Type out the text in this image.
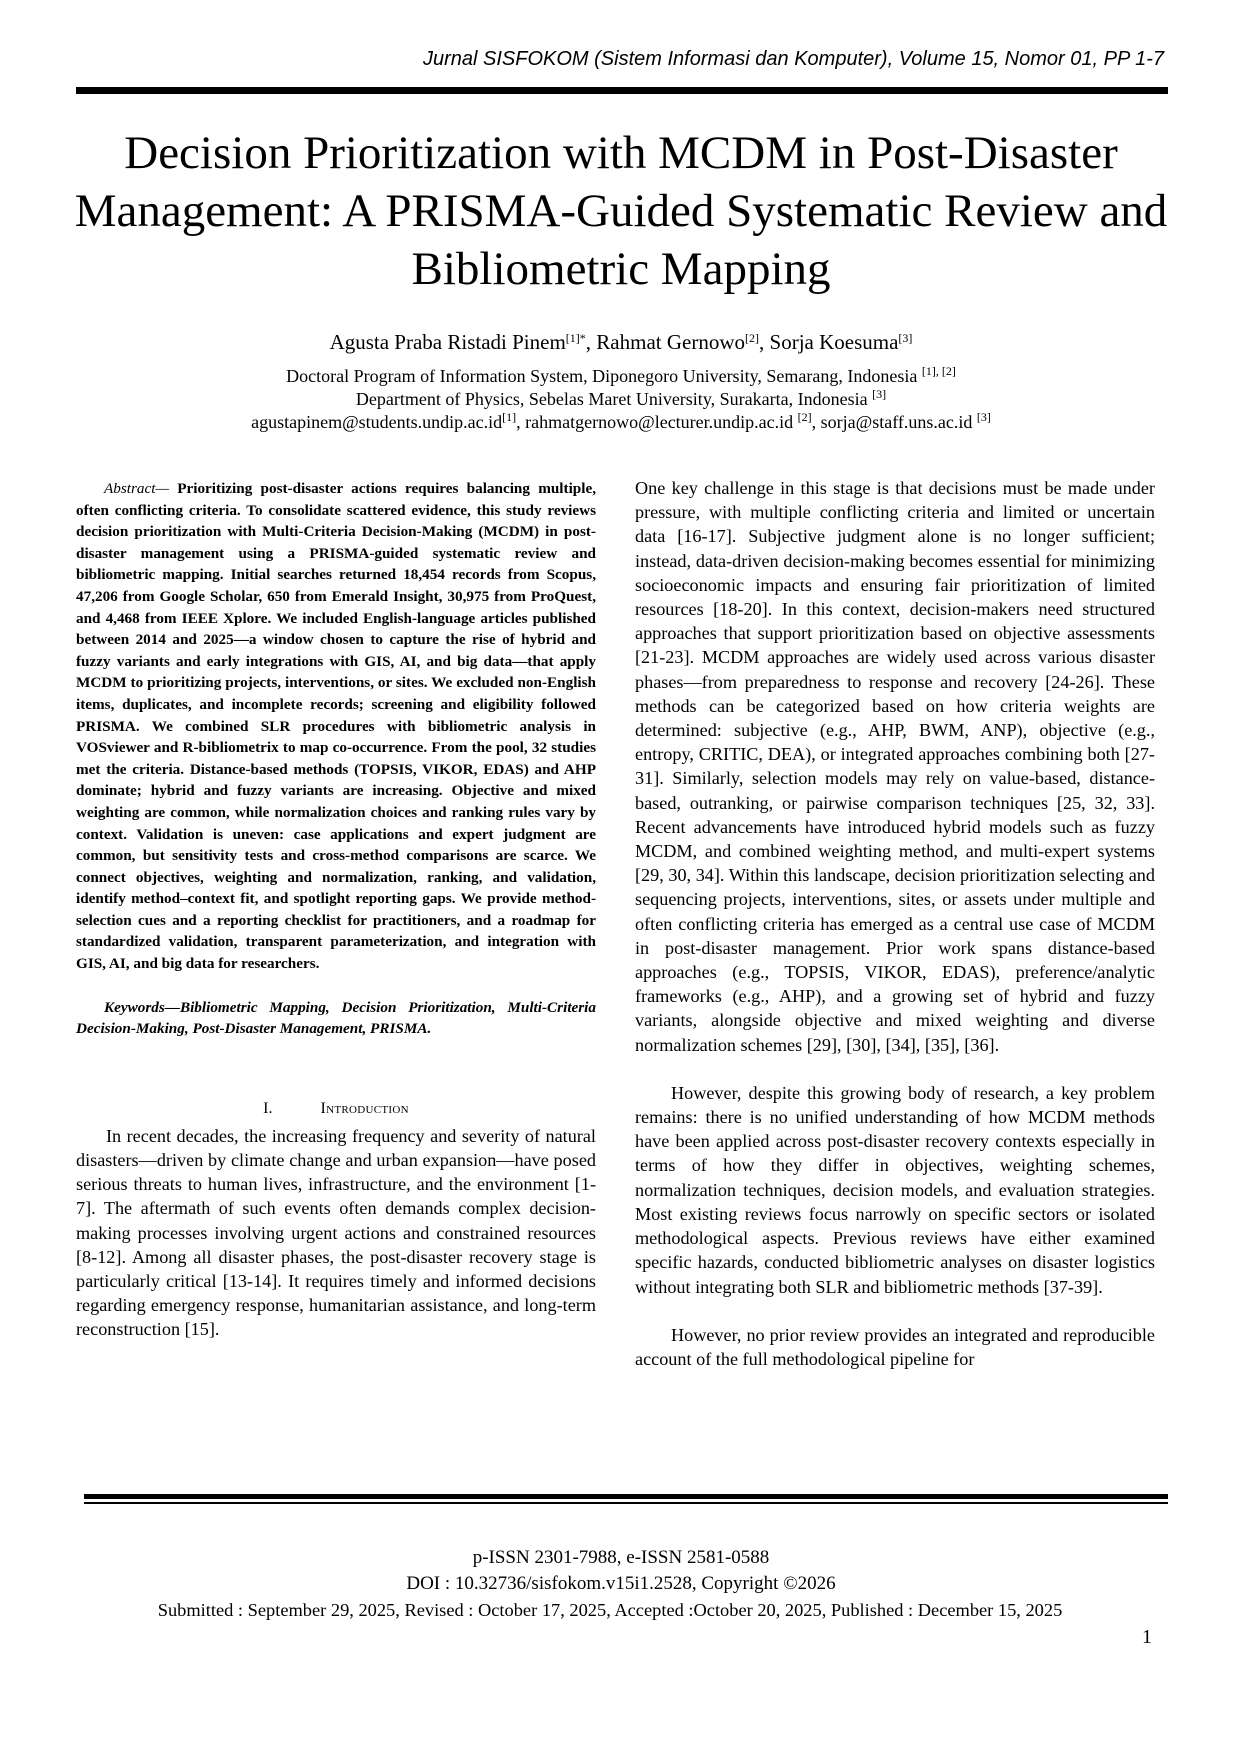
Jurnal SISFOKOM (Sistem Informasi dan Komputer), Volume 15, Nomor 01, PP 1-7
Decision Prioritization with MCDM in Post-Disaster Management: A PRISMA-Guided Systematic Review and Bibliometric Mapping
Agusta Praba Ristadi Pinem$^{[1]*}$, Rahmat Gernowo[2], Sorja Koesuma[3]
Doctoral Program of Information System, Diponegoro University, Semarang, Indonesia [1], [2]
Department of Physics, Sebelas Maret University, Surakarta, Indonesia [3]
agustapinem@students.undip.ac.id[1], rahmatgernowo@lecturer.undip.ac.id [2], sorja@staff.uns.ac.id [3]

Abstract— Prioritizing post-disaster actions requires balancing multiple, often conflicting criteria. To consolidate scattered evidence, this study reviews decision prioritization with Multi-Criteria Decision-Making (MCDM) in post-disaster management using a PRISMA-guided systematic review and bibliometric mapping. Initial searches returned 18,454 records from Scopus, 47,206 from Google Scholar, 650 from Emerald Insight, 30,975 from ProQuest, and 4,468 from IEEE Xplore. We included English-language articles published between 2014 and 2025—a window chosen to capture the rise of hybrid and fuzzy variants and early integrations with GIS, AI, and big data—that apply MCDM to prioritizing projects, interventions, or sites. We excluded non-English items, duplicates, and incomplete records; screening and eligibility followed PRISMA. We combined SLR procedures with bibliometric analysis in VOSviewer and R-bibliometrix to map co-occurrence. From the pool, 32 studies met the criteria. Distance-based methods (TOPSIS, VIKOR, EDAS) and AHP dominate; hybrid and fuzzy variants are increasing. Objective and mixed weighting are common, while normalization choices and ranking rules vary by context. Validation is uneven: case applications and expert judgment are common, but sensitivity tests and cross-method comparisons are scarce. We connect objectives, weighting and normalization, ranking, and validation, identify method–context fit, and spotlight reporting gaps. We provide method-selection cues and a reporting checklist for practitioners, and a roadmap for standardized validation, transparent parameterization, and integration with GIS, AI, and big data for researchers.

Keywords—Bibliometric Mapping, Decision Prioritization, Multi-Criteria Decision-Making, Post-Disaster Management, PRISMA.

I.	Introduction

In recent decades, the increasing frequency and severity of natural disasters—driven by climate change and urban expansion—have posed serious threats to human lives, infrastructure, and the environment [1-7]. The aftermath of such events often demands complex decision-making processes involving urgent actions and constrained resources [8-12]. Among all disaster phases, the post-disaster recovery stage is particularly critical [13-14]. It requires timely and informed decisions regarding emergency response, humanitarian assistance, and long-term reconstruction [15].

One key challenge in this stage is that decisions must be made under pressure, with multiple conflicting criteria and limited or uncertain data [16-17]. Subjective judgment alone is no longer sufficient; instead, data-driven decision-making becomes essential for minimizing socioeconomic impacts and ensuring fair prioritization of limited resources [18-20]. In this context, decision-makers need structured approaches that support prioritization based on objective assessments [21-23]. MCDM approaches are widely used across various disaster phases—from preparedness to response and recovery [24-26]. These methods can be categorized based on how criteria weights are determined: subjective (e.g., AHP, BWM, ANP), objective (e.g., entropy, CRITIC, DEA), or integrated approaches combining both [27-31]. Similarly, selection models may rely on value-based, distance-based, outranking, or pairwise comparison techniques [25, 32, 33]. Recent advancements have introduced hybrid models such as fuzzy MCDM, and combined weighting method, and multi-expert systems [29, 30, 34]. Within this landscape, decision prioritization selecting and sequencing projects, interventions, sites, or assets under multiple and often conflicting criteria has emerged as a central use case of MCDM in post-disaster management. Prior work spans distance-based approaches (e.g., TOPSIS, VIKOR, EDAS), preference/analytic frameworks (e.g., AHP), and a growing set of hybrid and fuzzy variants, alongside objective and mixed weighting and diverse normalization schemes [29], [30], [34], [35], [36].

However, despite this growing body of research, a key problem remains: there is no unified understanding of how MCDM methods have been applied across post-disaster recovery contexts especially in terms of how they differ in objectives, weighting schemes, normalization techniques, decision models, and evaluation strategies. Most existing reviews focus narrowly on specific sectors or isolated methodological aspects. Previous reviews have either examined specific hazards, conducted bibliometric analyses on disaster logistics without integrating both SLR and bibliometric methods [37-39].

However, no prior review provides an integrated and reproducible account of the full methodological pipeline for

p-ISSN 2301-7988, e-ISSN 2581-0588
DOI : 10.32736/sisfokom.v15i1.2528, Copyright ©2026
Submitted : September 29, 2025, Revised : October 17, 2025, Accepted :October 20, 2025, Published : December 15, 2025
1
